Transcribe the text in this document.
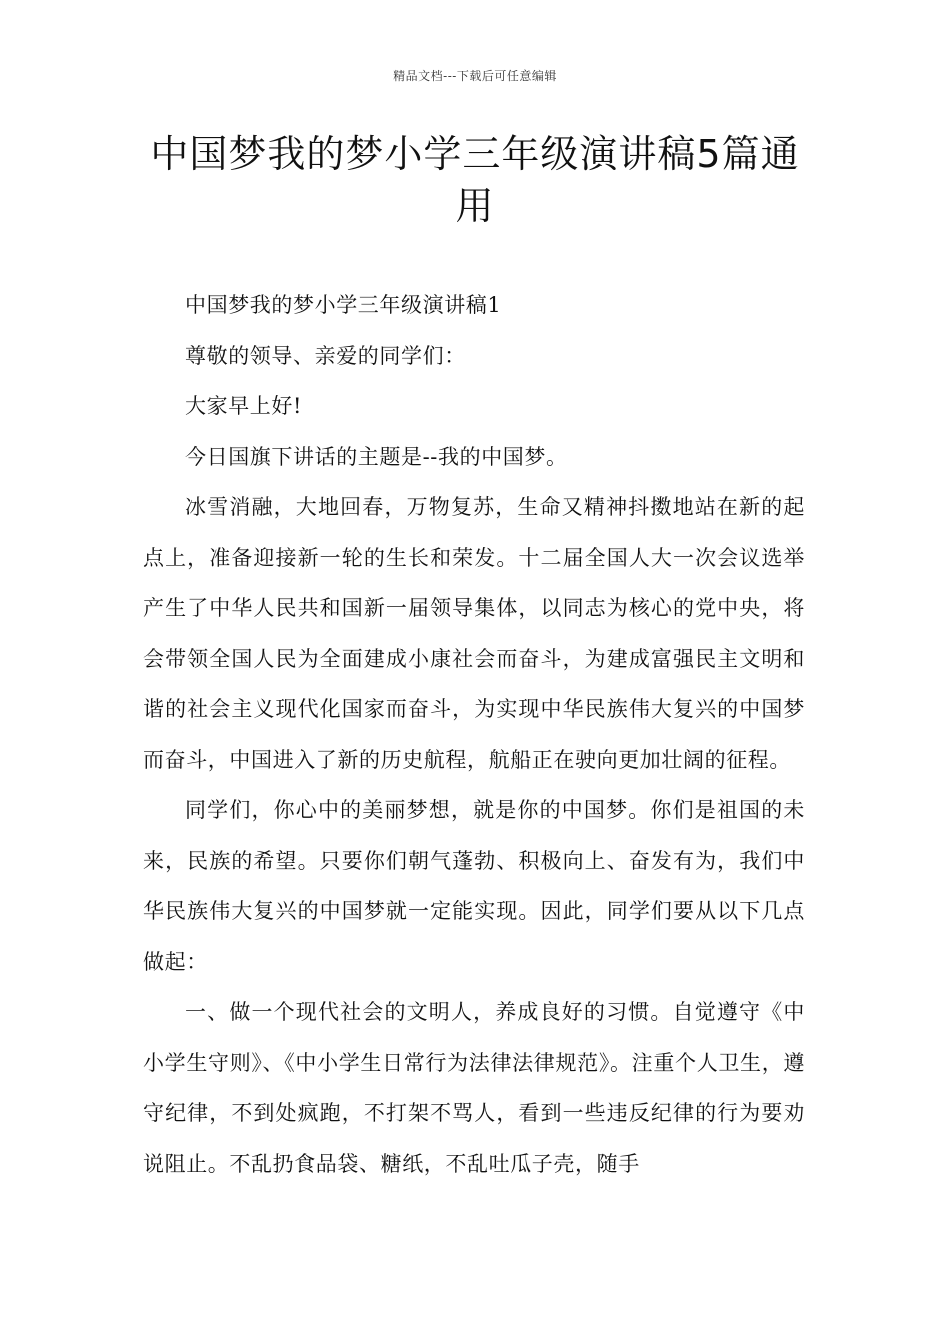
精品文档---下载后可任意编辑
中国梦我的梦小学三年级演讲稿5篇通用

中国梦我的梦小学三年级演讲稿1

尊敬的领导、亲爱的同学们：

大家早上好!

今日国旗下讲话的主题是--我的中国梦。

冰雪消融，大地回春，万物复苏，生命又精神抖擞地站在新的起点上，准备迎接新一轮的生长和荣发。十二届全国人大一次会议选举产生了中华人民共和国新一届领导集体，以同志为核心的党中央，将会带领全国人民为全面建成小康社会而奋斗，为建成富强民主文明和谐的社会主义现代化国家而奋斗，为实现中华民族伟大复兴的中国梦而奋斗，中国进入了新的历史航程，航船正在驶向更加壮阔的征程。

同学们，你心中的美丽梦想，就是你的中国梦。你们是祖国的未来，民族的希望。只要你们朝气蓬勃、积极向上、奋发有为，我们中华民族伟大复兴的中国梦就一定能实现。因此，同学们要从以下几点做起：

一、做一个现代社会的文明人，养成良好的习惯。自觉遵守《中小学生守则》、《中小学生日常行为法律法律规范》。注重个人卫生，遵守纪律，不到处疯跑，不打架不骂人，看到一些违反纪律的行为要劝说阻止。不乱扔食品袋、糖纸，不乱吐瓜子壳，随手
